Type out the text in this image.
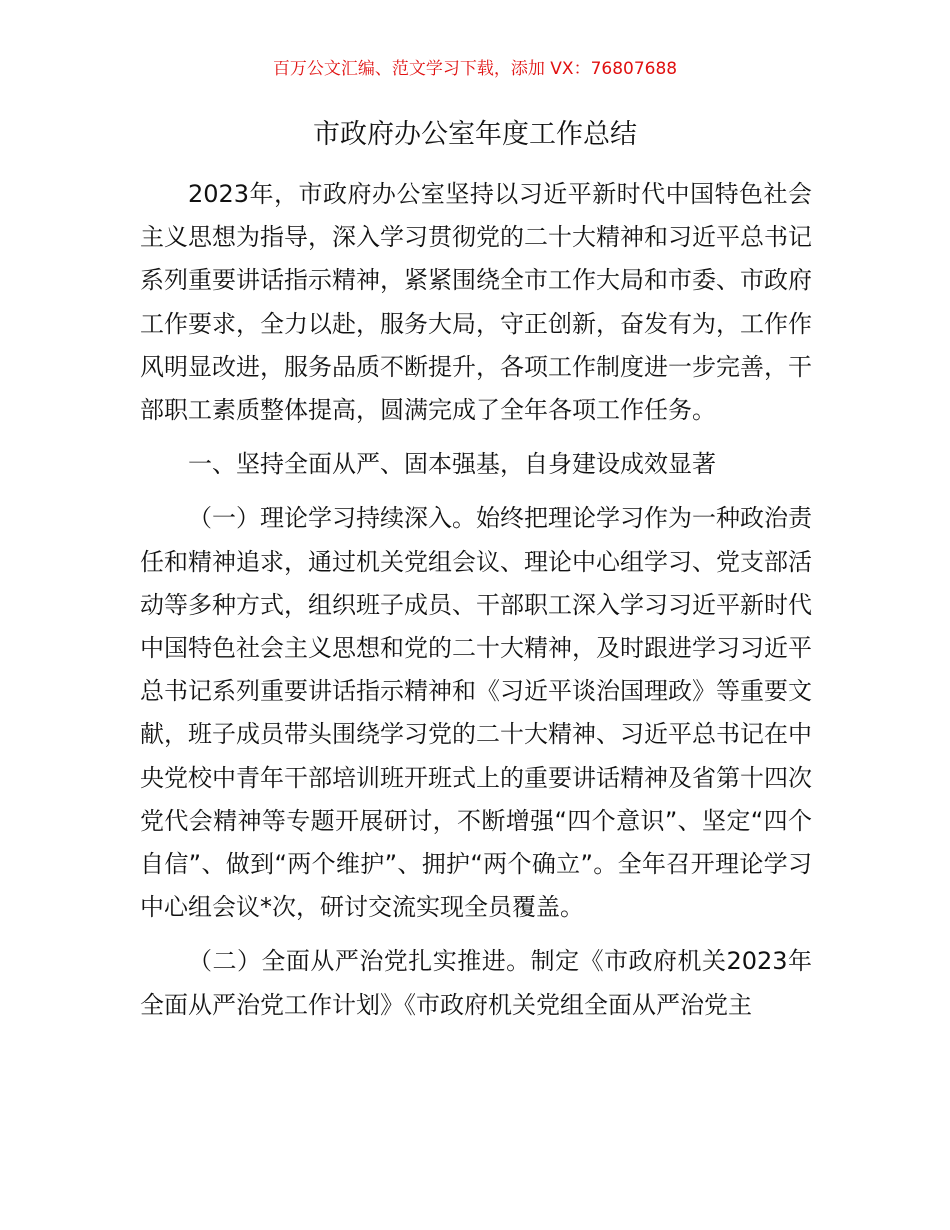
百万公文汇编、范文学习下载，添加 VX：76807688
市政府办公室年度工作总结

2023年，市政府办公室坚持以习近平新时代中国特色社会主义思想为指导，深入学习贯彻党的二十大精神和习近平总书记系列重要讲话指示精神，紧紧围绕全市工作大局和市委、市政府工作要求，全力以赴，服务大局，守正创新，奋发有为，工作作风明显改进，服务品质不断提升，各项工作制度进一步完善，干部职工素质整体提高，圆满完成了全年各项工作任务。

一、坚持全面从严、固本强基，自身建设成效显著

（一）理论学习持续深入。始终把理论学习作为一种政治责任和精神追求，通过机关党组会议、理论中心组学习、党支部活动等多种方式，组织班子成员、干部职工深入学习习近平新时代中国特色社会主义思想和党的二十大精神，及时跟进学习习近平总书记系列重要讲话指示精神和《习近平谈治国理政》等重要文献，班子成员带头围绕学习党的二十大精神、习近平总书记在中央党校中青年干部培训班开班式上的重要讲话精神及省第十四次党代会精神等专题开展研讨，不断增强“四个意识”、坚定“四个自信”、做到“两个维护”、拥护“两个确立”。全年召开理论学习中心组会议*次，研讨交流实现全员覆盖。

（二）全面从严治党扎实推进。制定《市政府机关2023年全面从严治党工作计划》《市政府机关党组全面从严治党主
